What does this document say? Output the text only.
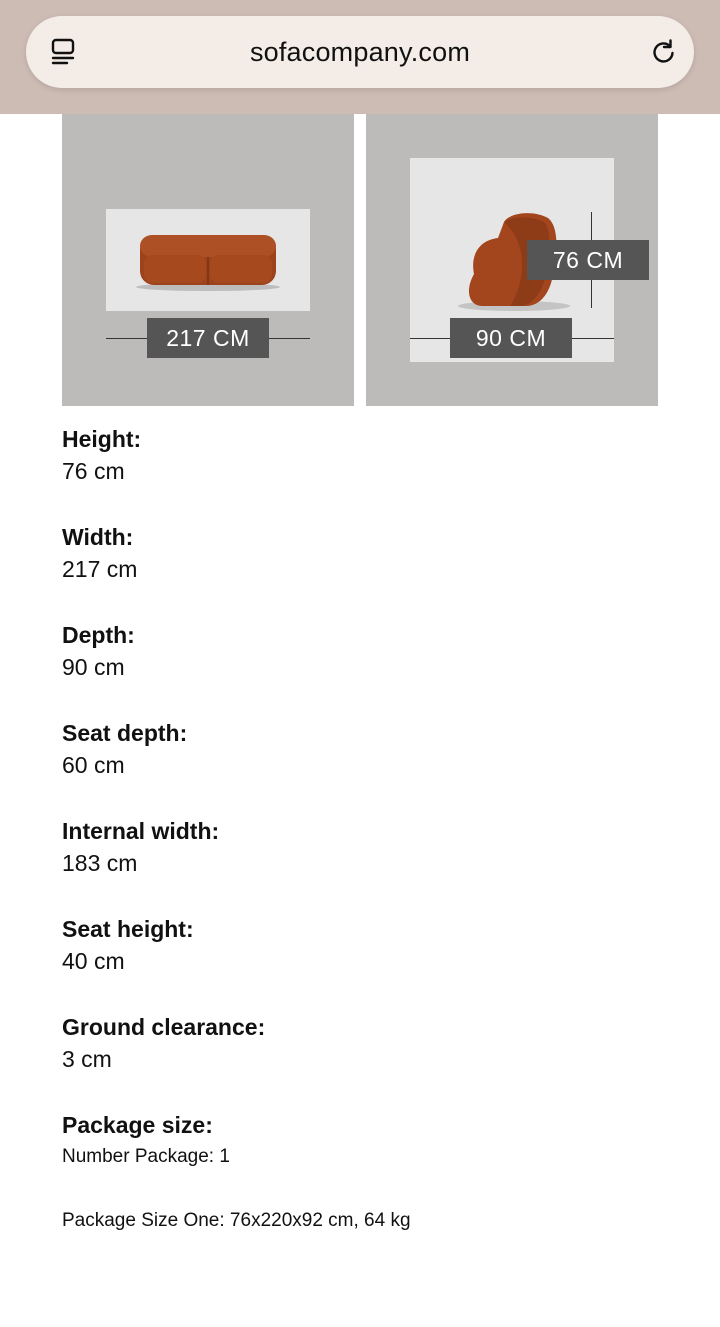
sofacompany.com
217 CM
76 CM
90 CM
Height:
76 cm
Width:
217 cm
Depth:
90 cm
Seat depth:
60 cm
Internal width:
183 cm
Seat height:
40 cm
Ground clearance:
3 cm
Package size:
Number Package: 1
Package Size One: 76x220x92 cm, 64 kg
